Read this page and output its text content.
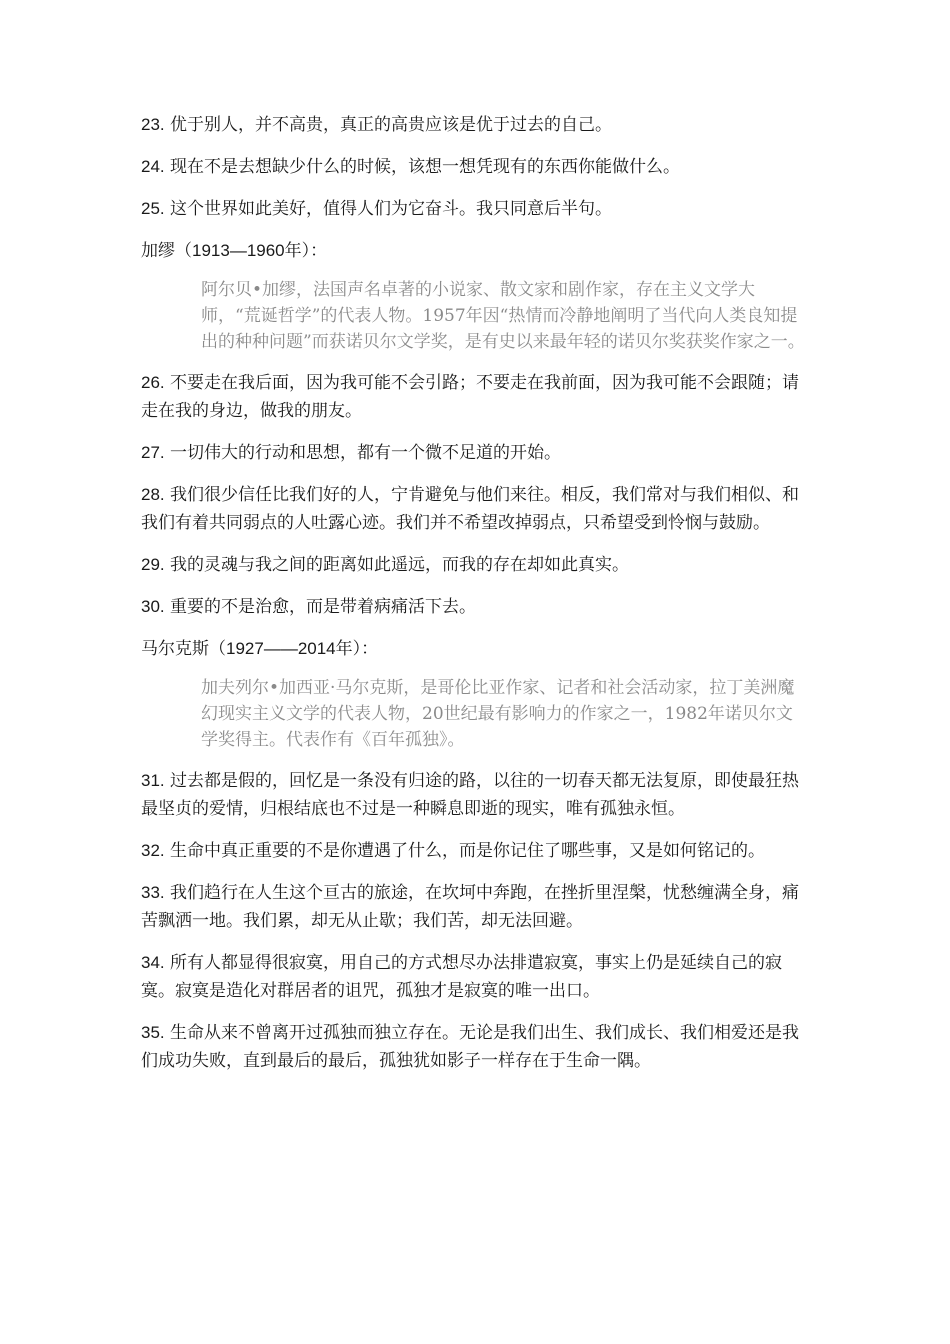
23. 优于别人，并不高贵，真正的高贵应该是优于过去的自己。

24. 现在不是去想缺少什么的时候，该想一想凭现有的东西你能做什么。

25. 这个世界如此美好，值得人们为它奋斗。我只同意后半句。

加缪（1913—1960年）：

阿尔贝•加缪，法国声名卓著的小说家、散文家和剧作家，存在主义文学大师，“荒诞哲学”的代表人物。1957年因“热情而冷静地阐明了当代向人类良知提出的种种问题”而获诺贝尔文学奖，是有史以来最年轻的诺贝尔奖获奖作家之一。

26. 不要走在我后面，因为我可能不会引路；不要走在我前面，因为我可能不会跟随；请走在我的身边，做我的朋友。

27. 一切伟大的行动和思想，都有一个微不足道的开始。

28. 我们很少信任比我们好的人，宁肯避免与他们来往。相反，我们常对与我们相似、和我们有着共同弱点的人吐露心迹。我们并不希望改掉弱点，只希望受到怜悯与鼓励。

29. 我的灵魂与我之间的距离如此遥远，而我的存在却如此真实。

30. 重要的不是治愈，而是带着病痛活下去。

马尔克斯（1927——2014年）：

加夫列尔•加西亚·马尔克斯，是哥伦比亚作家、记者和社会活动家，拉丁美洲魔幻现实主义文学的代表人物，20世纪最有影响力的作家之一，1982年诺贝尔文学奖得主。代表作有《百年孤独》。

31. 过去都是假的，回忆是一条没有归途的路，以往的一切春天都无法复原，即使最狂热最坚贞的爱情，归根结底也不过是一种瞬息即逝的现实，唯有孤独永恒。

32. 生命中真正重要的不是你遭遇了什么，而是你记住了哪些事，又是如何铭记的。

33. 我们趋行在人生这个亘古的旅途，在坎坷中奔跑，在挫折里涅槃，忧愁缠满全身，痛苦飘洒一地。我们累，却无从止歇；我们苦，却无法回避。

34. 所有人都显得很寂寞，用自己的方式想尽办法排遣寂寞，事实上仍是延续自己的寂寞。寂寞是造化对群居者的诅咒，孤独才是寂寞的唯一出口。

35. 生命从来不曾离开过孤独而独立存在。无论是我们出生、我们成长、我们相爱还是我们成功失败，直到最后的最后，孤独犹如影子一样存在于生命一隅。
